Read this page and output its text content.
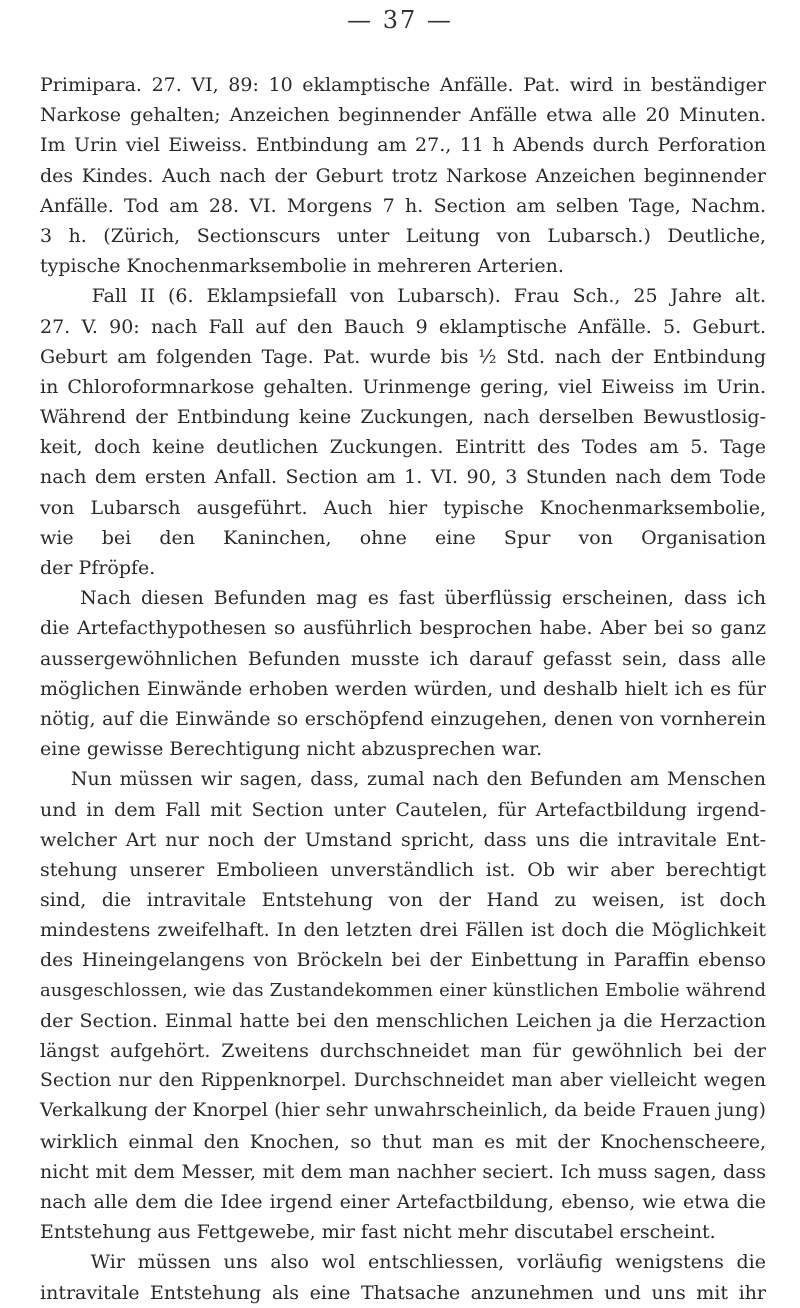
— 37 —
Primipara. 27. VI, 89: 10 eklamptische Anfälle. Pat. wird in beständiger
Narkose gehalten; Anzeichen beginnender Anfälle etwa alle 20 Minuten.
Im Urin viel Eiweiss. Entbindung am 27., 11 h Abends durch Perforation
des Kindes. Auch nach der Geburt trotz Narkose Anzeichen beginnender
Anfälle. Tod am 28. VI. Morgens 7 h. Section am selben Tage, Nachm.
3 h. (Zürich, Sectionscurs unter Leitung von Lubarsch.) Deutliche,
typische Knochenmarksembolie in mehreren Arterien.
Fall II (6. Eklampsiefall von Lubarsch). Frau Sch., 25 Jahre alt.
27. V. 90: nach Fall auf den Bauch 9 eklamptische Anfälle. 5. Geburt.
Geburt am folgenden Tage. Pat. wurde bis ½ Std. nach der Entbindung
in Chloroformnarkose gehalten. Urinmenge gering, viel Eiweiss im Urin.
Während der Entbindung keine Zuckungen, nach derselben Bewustlosig-
keit, doch keine deutlichen Zuckungen. Eintritt des Todes am 5. Tage
nach dem ersten Anfall. Section am 1. VI. 90, 3 Stunden nach dem Tode
von Lubarsch ausgeführt. Auch hier typische Knochenmarksembolie,
wie bei den Kaninchen, ohne eine Spur von Organisation
der Pfröpfe.
Nach diesen Befunden mag es fast überflüssig erscheinen, dass ich
die Artefacthypothesen so ausführlich besprochen habe. Aber bei so ganz
aussergewöhnlichen Befunden musste ich darauf gefasst sein, dass alle
möglichen Einwände erhoben werden würden, und deshalb hielt ich es für
nötig, auf die Einwände so erschöpfend einzugehen, denen von vornherein
eine gewisse Berechtigung nicht abzusprechen war.
Nun müssen wir sagen, dass, zumal nach den Befunden am Menschen
und in dem Fall mit Section unter Cautelen, für Artefactbildung irgend-
welcher Art nur noch der Umstand spricht, dass uns die intravitale Ent-
stehung unserer Embolieen unverständlich ist. Ob wir aber berechtigt
sind, die intravitale Entstehung von der Hand zu weisen, ist doch
mindestens zweifelhaft. In den letzten drei Fällen ist doch die Möglichkeit
des Hineingelangens von Bröckeln bei der Einbettung in Paraffin ebenso
ausgeschlossen, wie das Zustandekommen einer künstlichen Embolie während
der Section. Einmal hatte bei den menschlichen Leichen ja die Herzaction
längst aufgehört. Zweitens durchschneidet man für gewöhnlich bei der
Section nur den Rippenknorpel. Durchschneidet man aber vielleicht wegen
Verkalkung der Knorpel (hier sehr unwahrscheinlich, da beide Frauen jung)
wirklich einmal den Knochen, so thut man es mit der Knochenscheere,
nicht mit dem Messer, mit dem man nachher seciert. Ich muss sagen, dass
nach alle dem die Idee irgend einer Artefactbildung, ebenso, wie etwa die
Entstehung aus Fettgewebe, mir fast nicht mehr discutabel erscheint.
Wir müssen uns also wol entschliessen, vorläufig wenigstens die
intravitale Entstehung als eine Thatsache anzunehmen und uns mit ihr
